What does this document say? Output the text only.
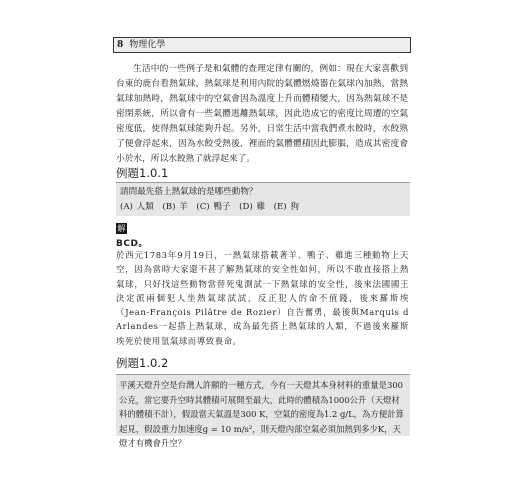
8 物理化學
生活中的一些例子是和氣體的查理定律有關的，例如：現在大家喜歡到台東的鹿台看熱氣球，熱氣球是利用內院的氣體燃燒器在氣球內加熱，當熱氣球加熱時，熱氣球中的空氣會因為溫度上升而體積變大，因為熱氣球不是密閉系統，所以會有一些氣體逃離熱氣球，因此造成它的密度比周遭的空氣密度低，使得熱氣球能夠升起。另外，日常生活中當我們煮水餃時，水餃熟了便會浮起來，因為水餃受熱後，裡面的氣體體積因此膨脹，造成其密度會小於水，所以水餃熟了就浮起來了。
例題1.0.1
請問最先搭上熱氣球的是哪些動物？
(A) 人類　(B) 羊　(C) 鴨子　(D) 雞　(E) 狗
解
BCD。
於西元1783年9月19日，一熱氣球搭載著羊、鴨子、雞進三種動物上天空，因為當時大家還不甚了解熱氣球的安全性如何，所以不敢直接搭上熱氣球，只好找這些動物當替死鬼測試一下熱氣球的安全性，後來法國國王決定派兩個犯人坐熱氣球試試，反正犯人的命不值錢，後來羅斯埃（Jean-François Pilâtre de Rozier）自告奮勇，最後與Marquis d Arlandes一起搭上熱氣球，成為最先搭上熱氣球的人類，不過後來羅斯埃死於使用氫氣球而導致喪命。
例題1.0.2
平溪天燈升空是台灣人許願的一種方式，今有一天燈其本身材料的重量是300公克，當它要升空時其體積可展開至最大，此時的體積為1000公升（天燈材料的體積不計），假設當天氣溫是300 K，空氣的密度為1.2 g/L，為方便計算起見，假設重力加速度g = 10 m/s²，則天燈內部空氣必須加熱到多少K，天燈才有機會升空？
